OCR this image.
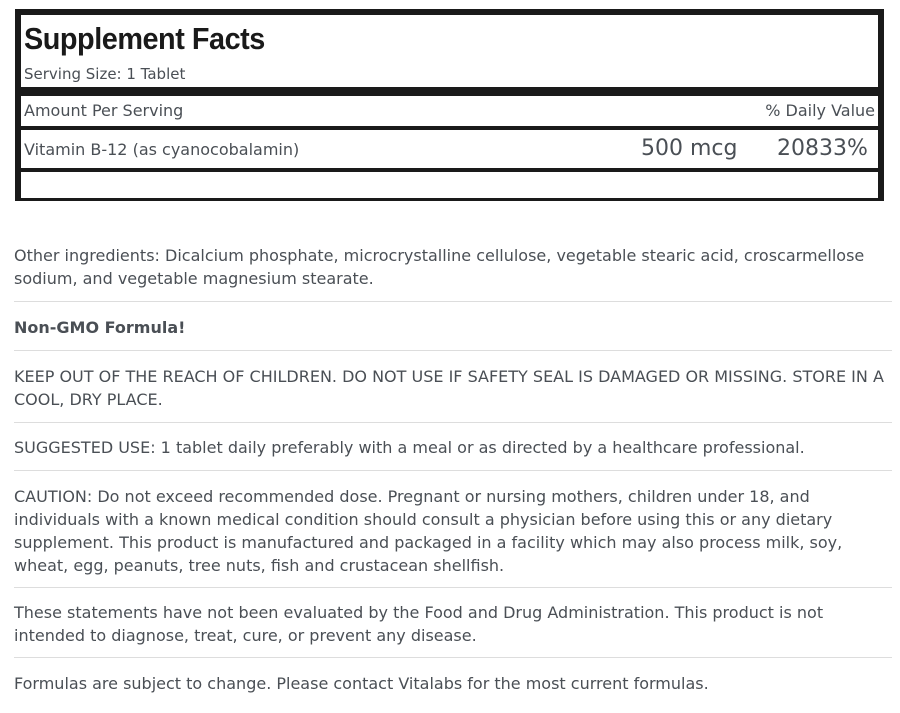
Supplement Facts
Serving Size: 1 Tablet
Amount Per Serving	% Daily Value
Vitamin B-12 (as cyanocobalamin)	500 mcg 20833%

Other ingredients: Dicalcium phosphate, microcrystalline cellulose, vegetable stearic acid, croscarmellose sodium, and vegetable magnesium stearate.

Non-GMO Formula!

KEEP OUT OF THE REACH OF CHILDREN. DO NOT USE IF SAFETY SEAL IS DAMAGED OR MISSING. STORE IN A COOL, DRY PLACE.

SUGGESTED USE: 1 tablet daily preferably with a meal or as directed by a healthcare professional.

CAUTION: Do not exceed recommended dose. Pregnant or nursing mothers, children under 18, and individuals with a known medical condition should consult a physician before using this or any dietary supplement. This product is manufactured and packaged in a facility which may also process milk, soy, wheat, egg, peanuts, tree nuts, fish and crustacean shellfish.

These statements have not been evaluated by the Food and Drug Administration. This product is not intended to diagnose, treat, cure, or prevent any disease.

Formulas are subject to change. Please contact Vitalabs for the most current formulas.
